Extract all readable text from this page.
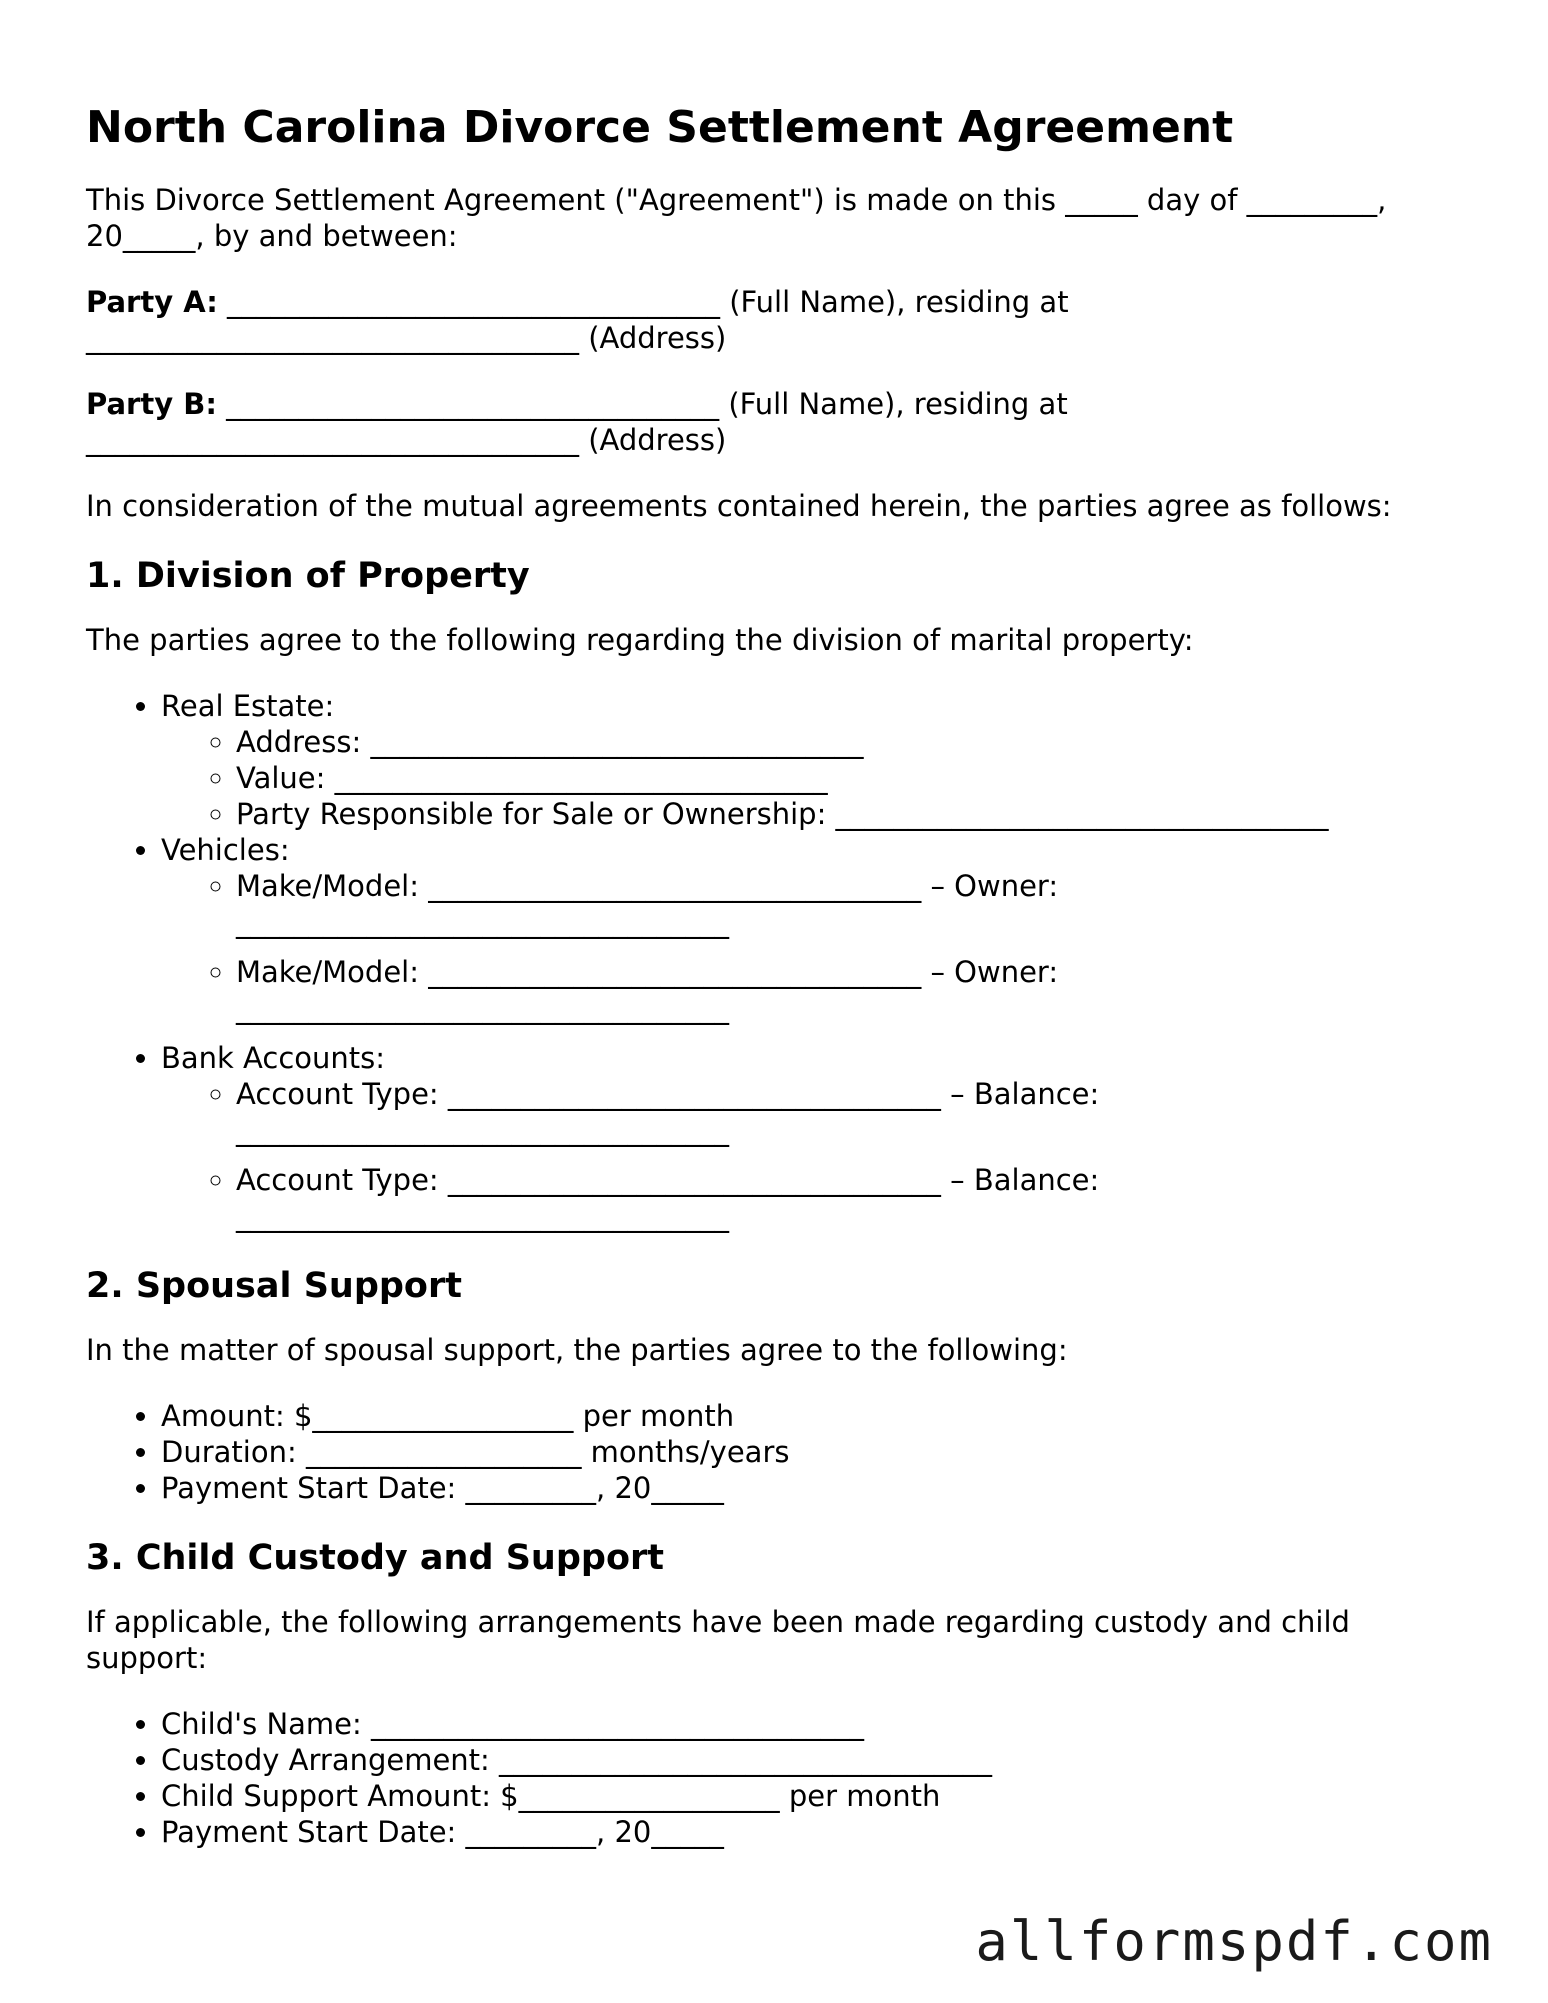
North Carolina Divorce Settlement Agreement

This Divorce Settlement Agreement ("Agreement") is made on this _____ day of _________, 20_____, by and between:

Party A: __________________________________ (Full Name), residing at __________________________________ (Address)

Party B: __________________________________ (Full Name), residing at __________________________________ (Address)

In consideration of the mutual agreements contained herein, the parties agree as follows:

1. Division of Property

The parties agree to the following regarding the division of marital property:

• Real Estate:
◦ Address: __________________________________
◦ Value: __________________________________
◦ Party Responsible for Sale or Ownership: __________________________________
• Vehicles:
◦ Make/Model: __________________________________ – Owner:
__________________________________
◦ Make/Model: __________________________________ – Owner:
__________________________________
• Bank Accounts:
◦ Account Type: __________________________________ – Balance:
__________________________________
◦ Account Type: __________________________________ – Balance:
__________________________________
2. Spousal Support

In the matter of spousal support, the parties agree to the following:

• Amount: $__________________ per month
• Duration: ___________________ months/years
• Payment Start Date: _________, 20_____
3. Child Custody and Support

If applicable, the following arrangements have been made regarding custody and child support:

• Child's Name: __________________________________
• Custody Arrangement: __________________________________
• Child Support Amount: $__________________ per month
• Payment Start Date: _________, 20_____
allformspdf.com
